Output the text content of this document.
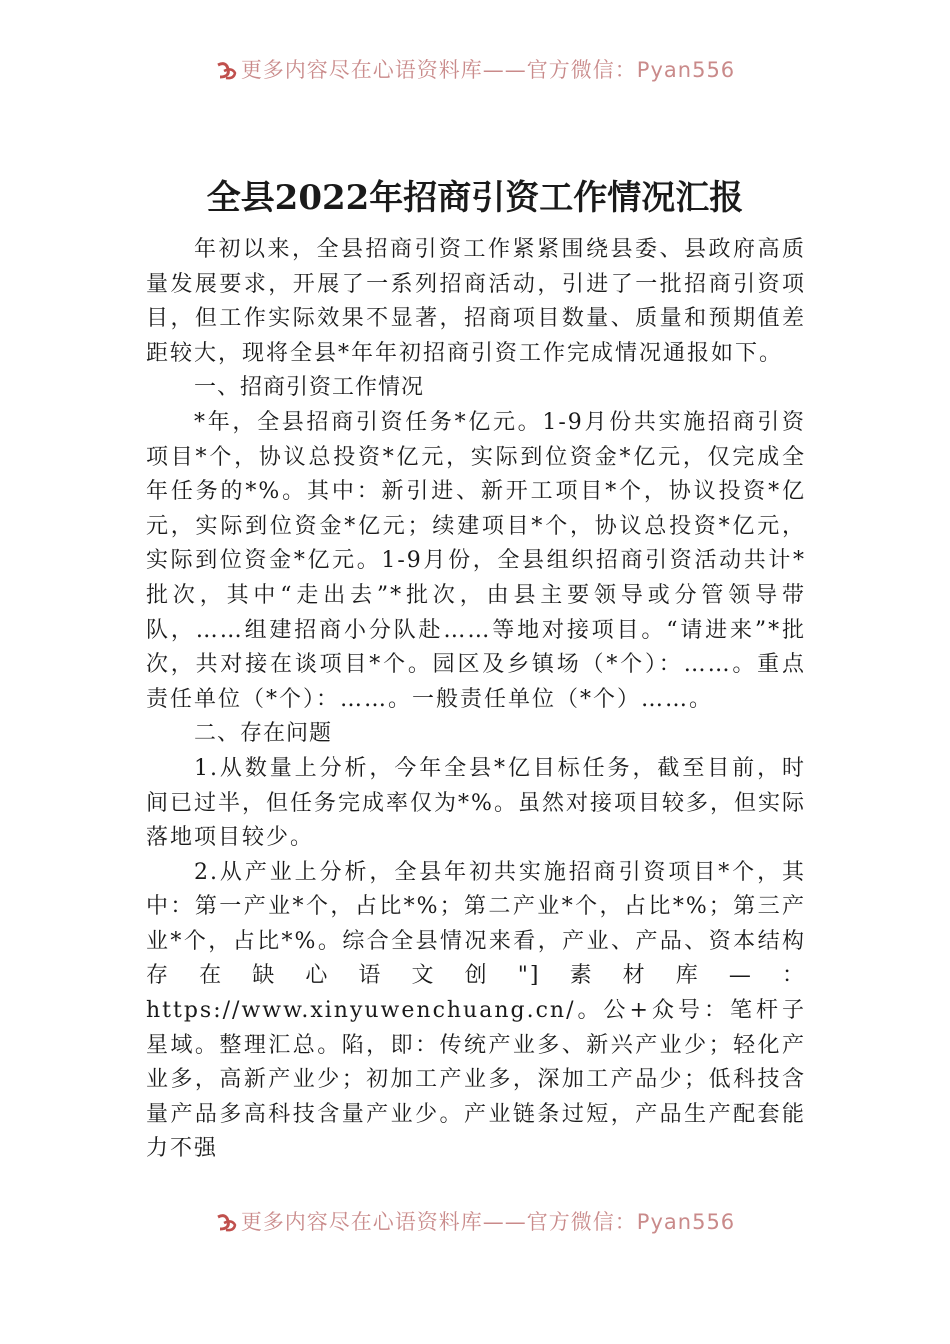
更多内容尽在心语资料库——官方微信：Pyan556
全县2022年招商引资工作情况汇报

年初以来，全县招商引资工作紧紧围绕县委、县政府高质量发展要求，开展了一系列招商活动，引进了一批招商引资项目，但工作实际效果不显著，招商项目数量、质量和预期值差距较大，现将全县*年年初招商引资工作完成情况通报如下。

一、招商引资工作情况

*年，全县招商引资任务*亿元。1-9月份共实施招商引资项目*个，协议总投资*亿元，实际到位资金*亿元，仅完成全年任务的*%。其中：新引进、新开工项目*个，协议投资*亿元，实际到位资金*亿元；续建项目*个，协议总投资*亿元，实际到位资金*亿元。1-9月份，全县组织招商引资活动共计*批次，其中“走出去”*批次，由县主要领导或分管领导带队，……组建招商小分队赴……等地对接项目。“请进来”*批次，共对接在谈项目*个。园区及乡镇场（*个）：……。重点责任单位（*个）：……。一般责任单位（*个）……。

二、存在问题

1.从数量上分析，今年全县*亿目标任务，截至目前，时间已过半，但任务完成率仅为*%。虽然对接项目较多，但实际落地项目较少。

2.从产业上分析，全县年初共实施招商引资项目*个，其中：第一产业*个，占比*%；第二产业*个，占比*%；第三产业*个，占比*%。综合全县情况来看，产业、产品、资本结构存在缺心语文创"]素材库—：https://www.xinyuwenchuang.cn/。公+众号：笔杆子星域。整理汇总。陷，即：传统产业多、新兴产业少；轻化产业多，高新产业少；初加工产业多，深加工产品少；低科技含量产品多高科技含量产业少。产业链条过短，产品生产配套能力不强

更多内容尽在心语资料库——官方微信：Pyan556
